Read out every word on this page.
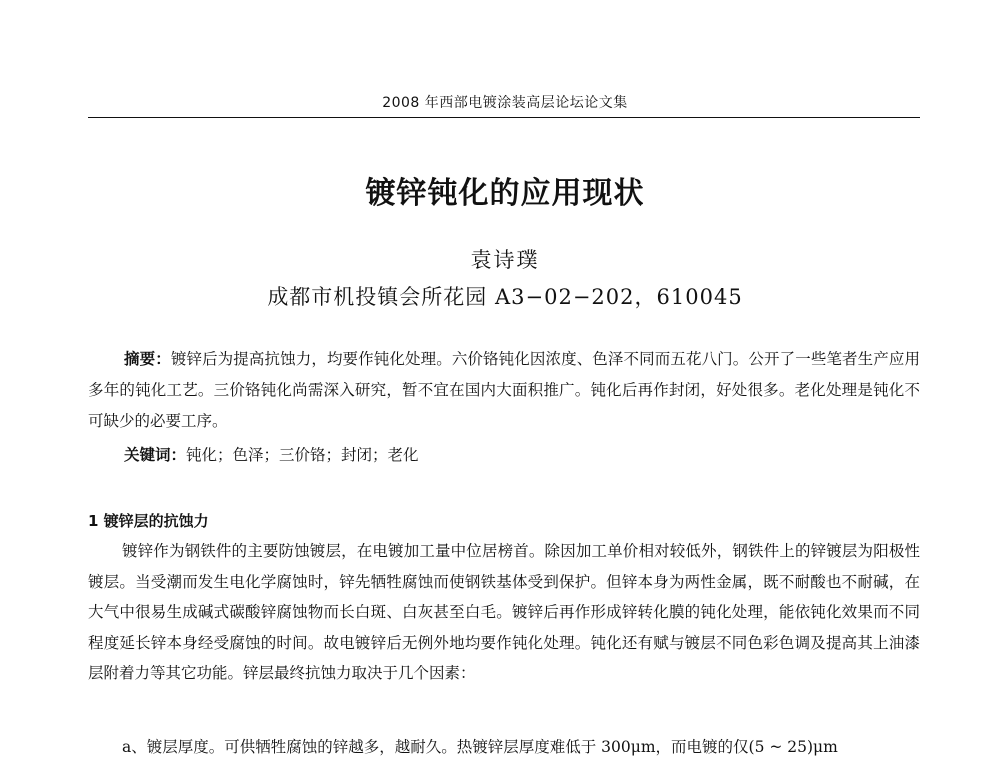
2008 年西部电镀涂装高层论坛论文集
镀锌钝化的应用现状
袁诗璞
成都市机投镇会所花园 A3−02−202，610045
摘要：镀锌后为提高抗蚀力，均要作钝化处理。六价铬钝化因浓度、色泽不同而五花八门。公开了一些笔者生产应用多年的钝化工艺。三价铬钝化尚需深入研究，暂不宜在国内大面积推广。钝化后再作封闭，好处很多。老化处理是钝化不可缺少的必要工序。
关键词：钝化；色泽；三价铬；封闭；老化
1 镀锌层的抗蚀力
镀锌作为钢铁件的主要防蚀镀层，在电镀加工量中位居榜首。除因加工单价相对较低外，钢铁件上的锌镀层为阳极性镀层。当受潮而发生电化学腐蚀时，锌先牺牲腐蚀而使钢铁基体受到保护。但锌本身为两性金属，既不耐酸也不耐碱，在大气中很易生成碱式碳酸锌腐蚀物而长白斑、白灰甚至白毛。镀锌后再作形成锌转化膜的钝化处理，能依钝化效果而不同程度延长锌本身经受腐蚀的时间。故电镀锌后无例外地均要作钝化处理。钝化还有赋与镀层不同色彩色调及提高其上油漆层附着力等其它功能。锌层最终抗蚀力取决于几个因素：
a、镀层厚度。可供牺牲腐蚀的锌越多，越耐久。热镀锌层厚度难低于 300μm，而电镀的仅(5 ~ 25)μm
